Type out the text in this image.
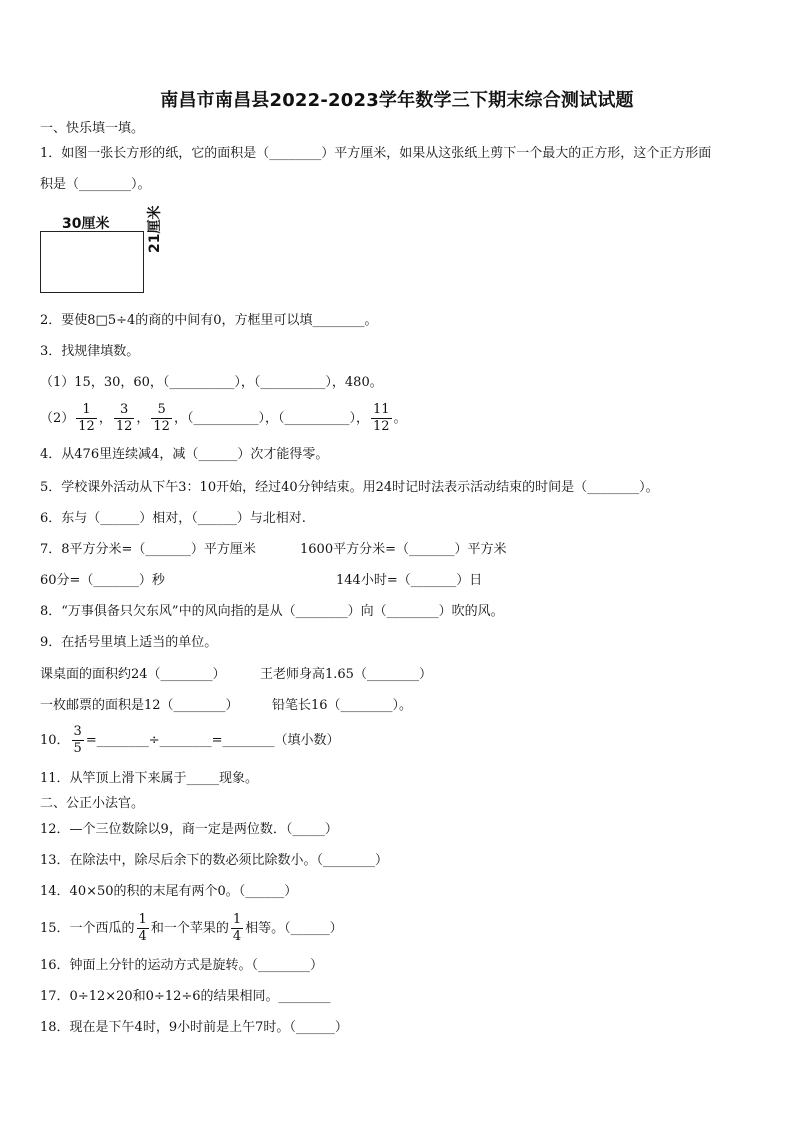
南昌市南昌县2022-2023学年数学三下期末综合测试试题
一、快乐填一填。
1．如图一张长方形的纸，它的面积是（________）平方厘米，如果从这张纸上剪下一个最大的正方形，这个正方形面
积是（________）。
30厘米	21厘米
2．要使8□5÷4的商的中间有0，方框里可以填________。
3．找规律填数。
（1）15，30，60，（__________），（__________），480。
$(2) \frac{1}{12}$ ， $\frac{3}{12}$ ， $\frac{5}{12}$ ，（__________），（__________）， $\frac{11}{12}$ 。
4．从476里连续减4，减（______）次才能得零。
5．学校课外活动从下午3：10开始，经过40分钟结束。用24时记时法表示活动结束的时间是（________）。
6．东与（______）相对，（______）与北相对.
7．8平方分米=（_______）平方厘米	1600平方分米=（_______）平方米
60分=（_______）秒	144小时=（_______）日
8．“万事俱备只欠东风”中的风向指的是从（________）向（________）吹的风。
9．在括号里填上适当的单位。
课桌面的面积约24（________）	王老师身高1.65（________）
一枚邮票的面积是12（________）	铅笔长16（________）。
10． $\frac{3}{5}$ =________÷________=________（填小数）
11．从竿顶上滑下来属于_____现象。
二、公正小法官。
12．—个三位数除以9，商一定是两位数．（_____）
13．在除法中，除尽后余下的数必须比除数小。（________）
14．40×50的积的末尾有两个0。（______）
15．一个西瓜的 $\frac{1}{4}$ 和一个苹果的 $\frac{1}{4}$ 相等。（______）
16．钟面上分针的运动方式是旋转。（________）
17．0÷12×20和0÷12÷6的结果相同。________
18．现在是下午4时，9小时前是上午7时。（______）
